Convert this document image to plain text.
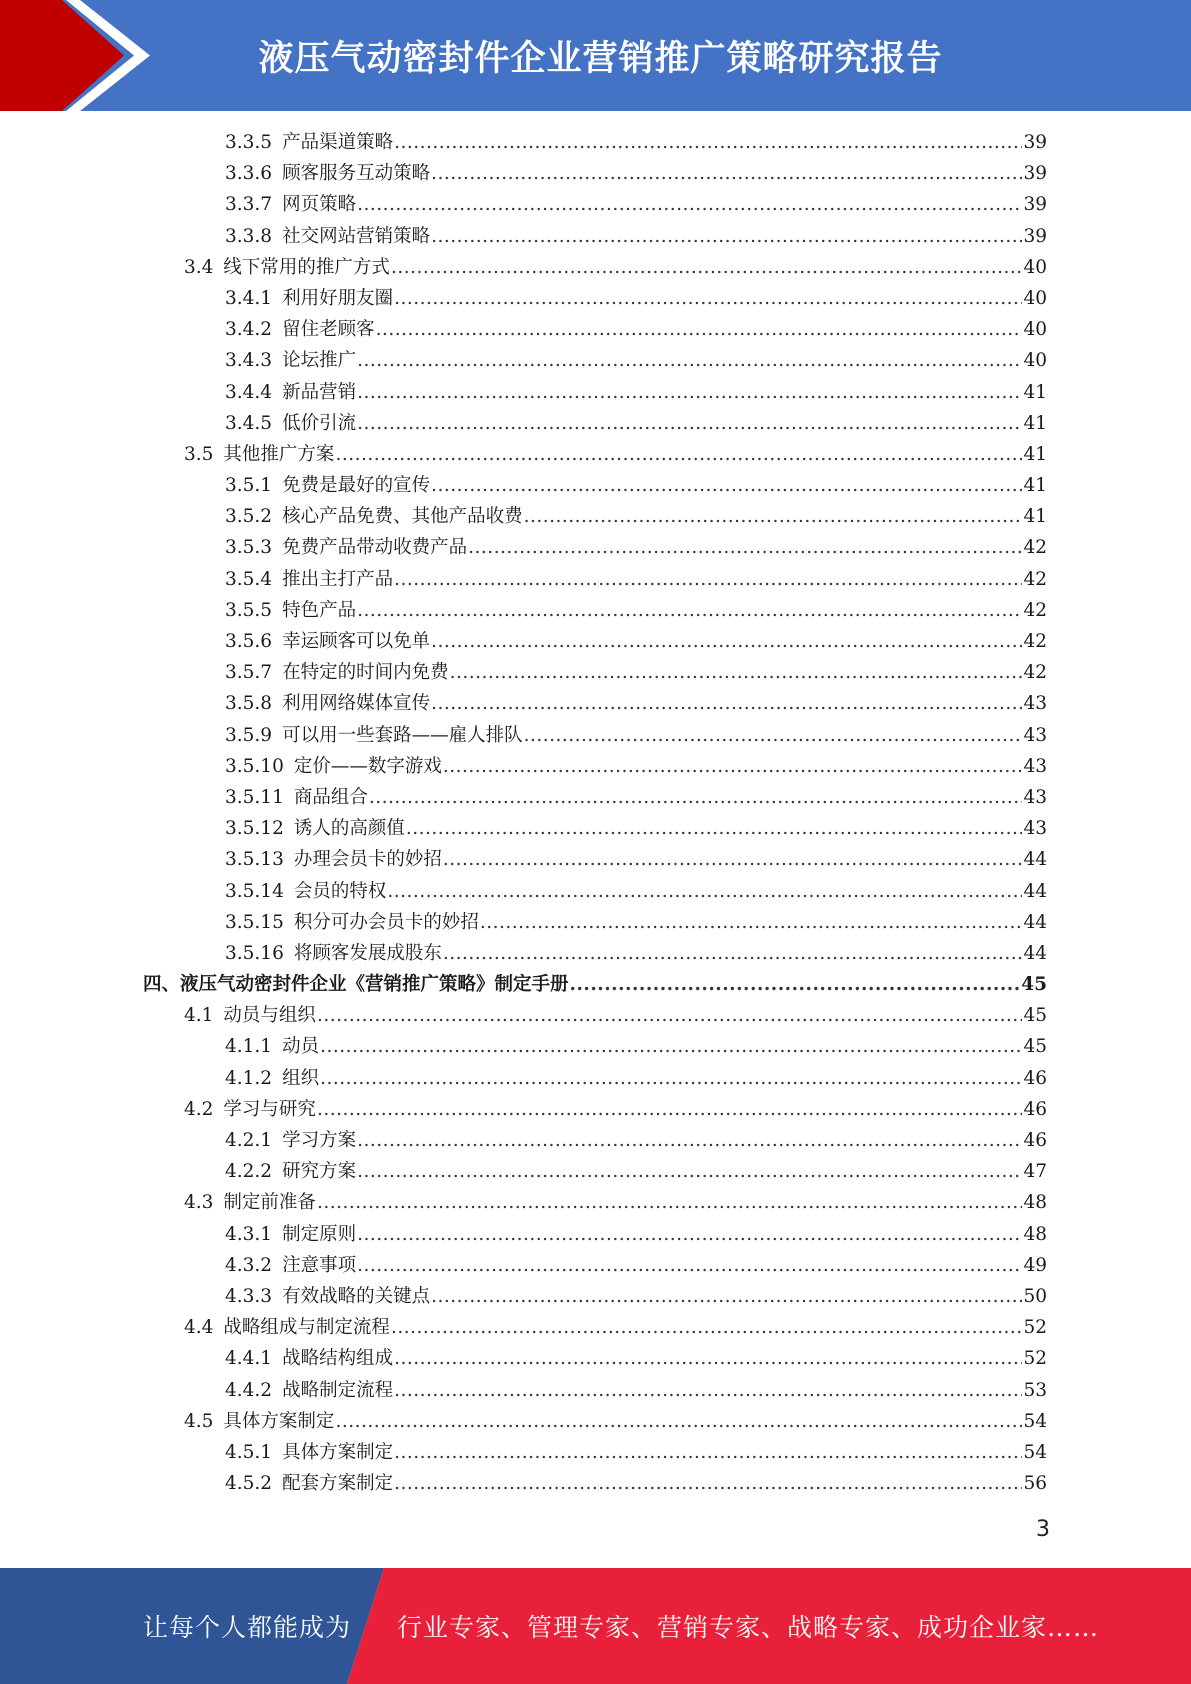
液压气动密封件企业营销推广策略研究报告
3.3.5 产品渠道策略 .....	39
3.3.6 顾客服务互动策略 .....	39
3.3.7 网页策略 .....	39
3.3.8 社交网站营销策略 .....	39
3.4 线下常用的推广方式 .....	40
3.4.1 利用好朋友圈 .....	40
3.4.2 留住老顾客 .....	40
3.4.3 论坛推广 .....	40
3.4.4 新品营销 .....	41
3.4.5 低价引流 .....	41
3.5 其他推广方案 .....	41
3.5.1 免费是最好的宣传 .....	41
3.5.2 核心产品免费、其他产品收费 .....	41
3.5.3 免费产品带动收费产品 .....	42
3.5.4 推出主打产品 .....	42
3.5.5 特色产品 .....	42
3.5.6 幸运顾客可以免单 .....	42
3.5.7 在特定的时间内免费 .....	42
3.5.8 利用网络媒体宣传 .....	43
3.5.9 可以用一些套路——雇人排队 .....	43
3.5.10 定价——数字游戏 .....	43
3.5.11 商品组合 .....	43
3.5.12 诱人的高颜值 .....	43
3.5.13 办理会员卡的妙招 .....	44
3.5.14 会员的特权 .....	44
3.5.15 积分可办会员卡的妙招 .....	44
3.5.16 将顾客发展成股东 .....	44
四、液压气动密封件企业《营销推广策略》制定手册 .....	45
4.1 动员与组织 .....	45
4.1.1 动员 .....	45
4.1.2 组织 .....	46
4.2 学习与研究 .....	46
4.2.1 学习方案 .....	46
4.2.2 研究方案 .....	47
4.3 制定前准备 .....	48
4.3.1 制定原则 .....	48
4.3.2 注意事项 .....	49
4.3.3 有效战略的关键点 .....	50
4.4 战略组成与制定流程 .....	52
4.4.1 战略结构组成 .....	52
4.4.2 战略制定流程 .....	53
4.5 具体方案制定 .....	54
4.5.1 具体方案制定 .....	54
4.5.2 配套方案制定 .....	56
3
让每个人都能成为 行业专家、管理专家、营销专家、战略专家、成功企业家……
